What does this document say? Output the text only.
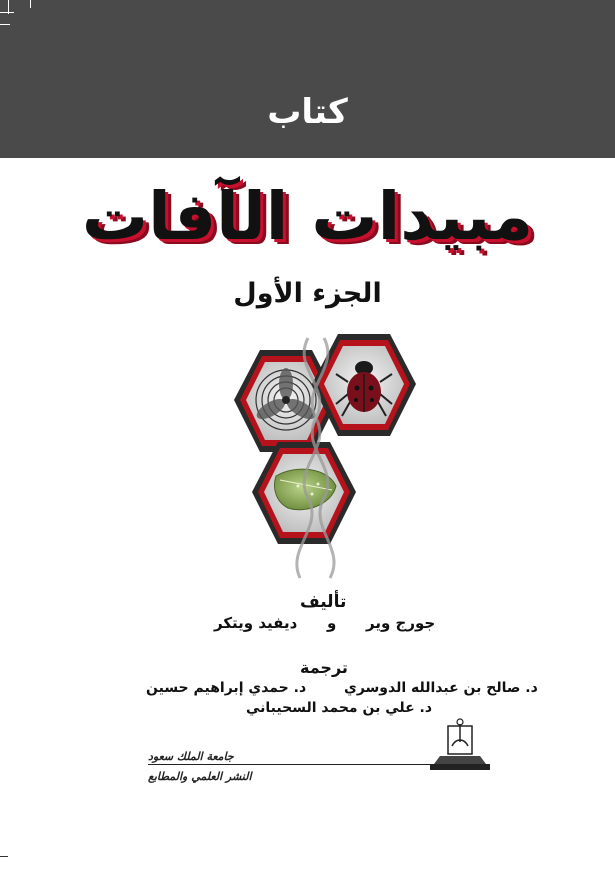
كتاب
مبيدات الآفات
الجزء الأول
تأليف
جورج وير
و
ديفيد ويتكر
ترجمة
د. صالح بن عبدالله الدوسري
د. حمدي إبراهيم حسين
د. علي بن محمد السحيباني
جامعة الملك سعود
النشر العلمي والمطابع
